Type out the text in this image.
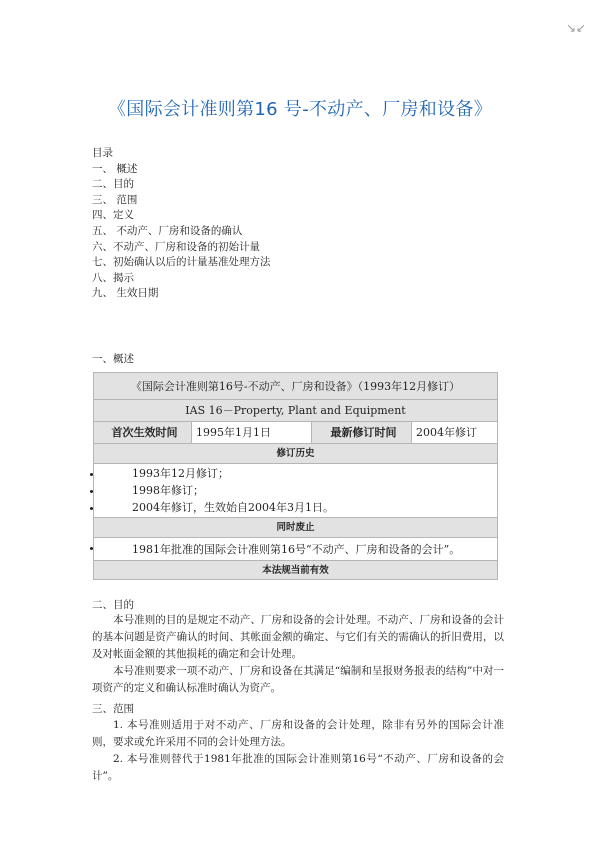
↘↙

《国际会计准则第16 号-不动产、厂房和设备》
目录
一、 概述
二、目的
三、 范围
四、定义
五、 不动产、厂房和设备的确认
六、不动产、厂房和设备的初始计量
七、初始确认以后的计量基准处理方法
八、揭示
九、 生效日期
一、概述
《国际会计准则第16号-不动产、厂房和设备》（1993年12月修订）
IAS 16－Property, Plant and Equipment
首次生效时间	1995年1月1日	最新修订时间	2004年修订
修订历史
1993年12月修订；
1998年修订；
2004年修订，生效始自2004年3月1日。
同时废止
1981年批准的国际会计准则第16号“不动产、厂房和设备的会计”。
本法规当前有效
二、目的

本号准则的目的是规定不动产、厂房和设备的会计处理。不动产、厂房和设备的会计的基本问题是资产确认的时间、其帐面金额的确定、与它们有关的需确认的折旧费用，以及对帐面金额的其他损耗的确定和会计处理。

本号准则要求一项不动产、厂房和设备在其满足“编制和呈报财务报表的结构”中对一项资产的定义和确认标准时确认为资产。

三、范围

1. 本号准则适用于对不动产、厂房和设备的会计处理，除非有另外的国际会计准则，要求或允许采用不同的会计处理方法。

2. 本号准则替代于1981年批准的国际会计准则第16号“不动产、厂房和设备的会计”。
